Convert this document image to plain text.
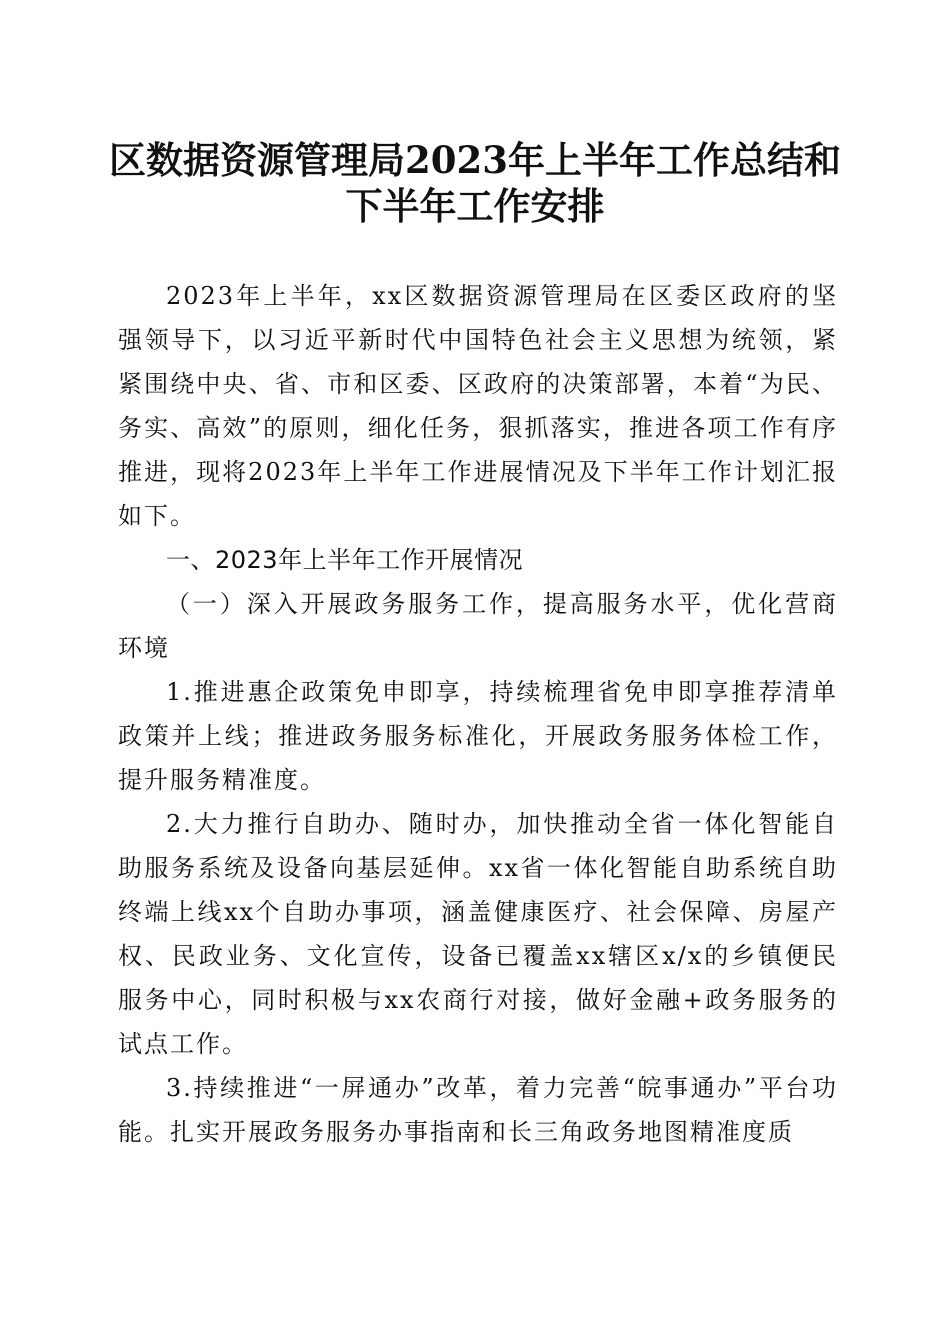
区数据资源管理局2023年上半年工作总结和
下半年工作安排

2023年上半年，xx区数据资源管理局在区委区政府的坚强领导下，以习近平新时代中国特色社会主义思想为统领，紧紧围绕中央、省、市和区委、区政府的决策部署，本着“为民、务实、高效”的原则，细化任务，狠抓落实，推进各项工作有序推进，现将2023年上半年工作进展情况及下半年工作计划汇报如下。

一、2023年上半年工作开展情况

（一）深入开展政务服务工作，提高服务水平，优化营商环境

1.推进惠企政策免申即享，持续梳理省免申即享推荐清单政策并上线；推进政务服务标准化，开展政务服务体检工作，提升服务精准度。

2.大力推行自助办、随时办，加快推动全省一体化智能自助服务系统及设备向基层延伸。xx省一体化智能自助系统自助终端上线xx个自助办事项，涵盖健康医疗、社会保障、房屋产权、民政业务、文化宣传，设备已覆盖xx辖区x/x的乡镇便民服务中心，同时积极与xx农商行对接，做好金融+政务服务的试点工作。

3.持续推进“一屏通办”改革，着力完善“皖事通办”平台功能。扎实开展政务服务办事指南和长三角政务地图精准度质
